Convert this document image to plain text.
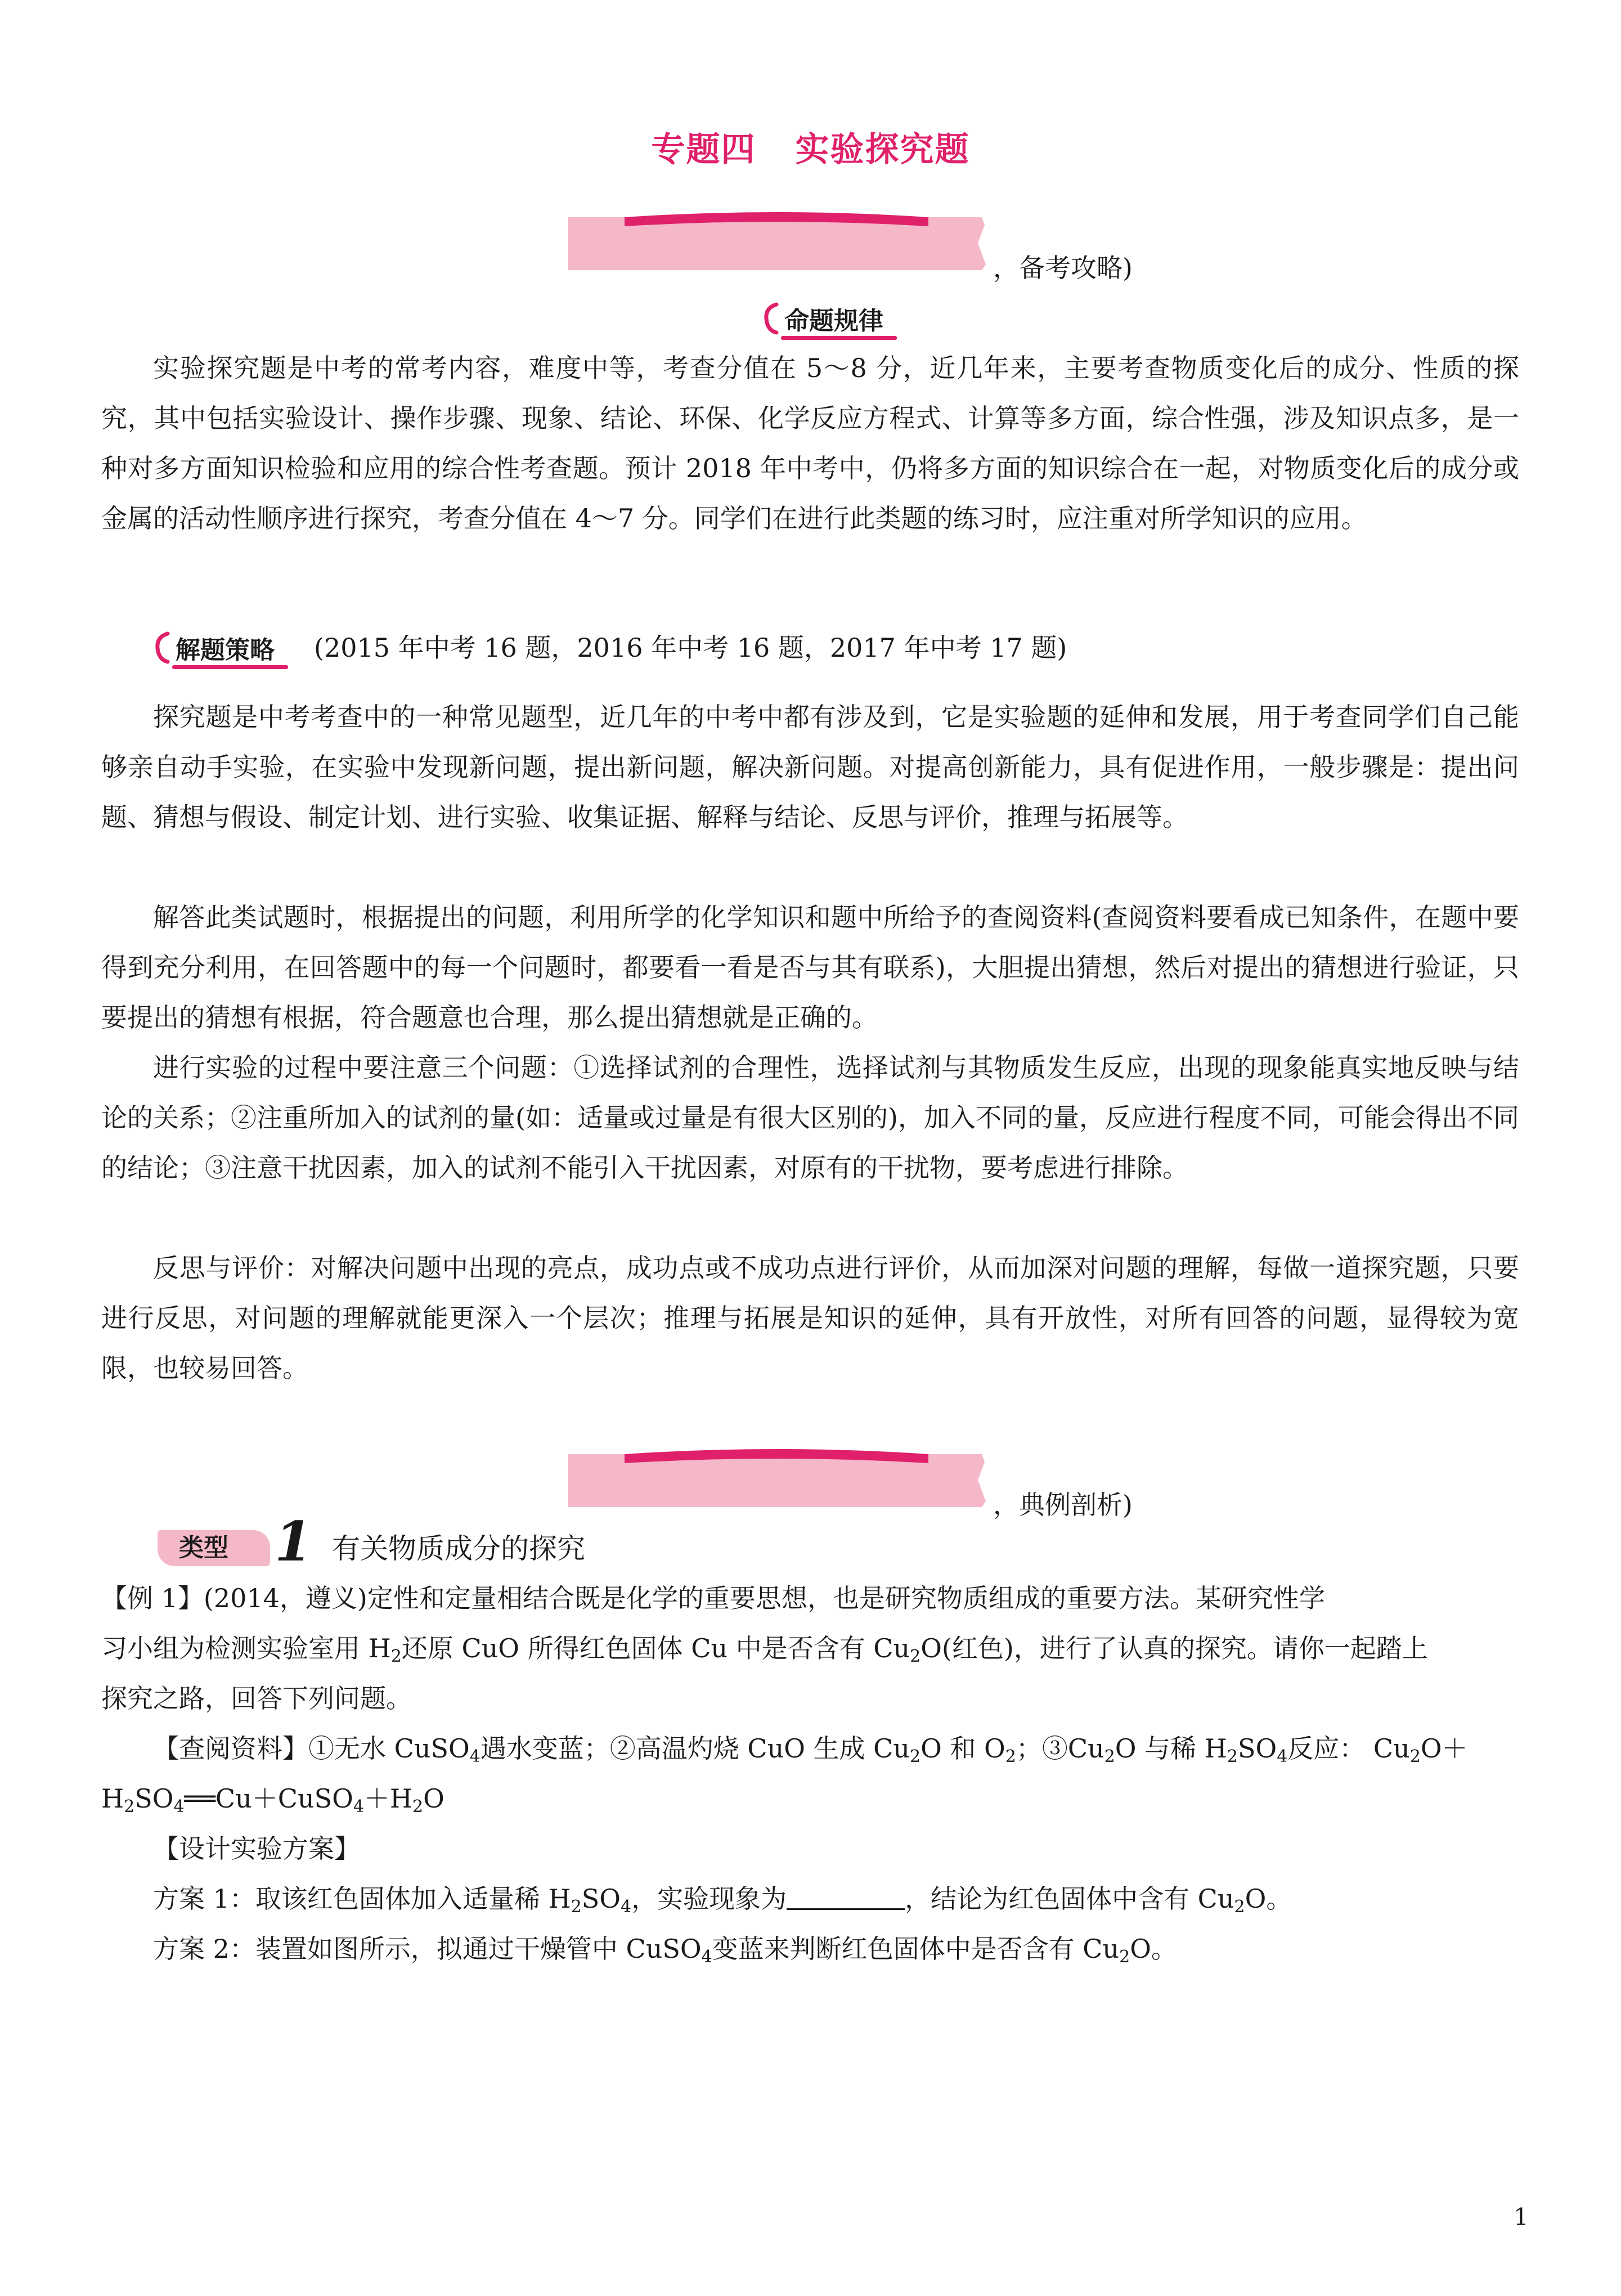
专题四 实验探究题
，备考攻略)
命题规律

实验探究题是中考的常考内容，难度中等，考查分值在 5～8 分，近几年来，主要考查物质变化后的成分、性质的探究，其中包括实验设计、操作步骤、现象、结论、环保、化学反应方程式、计算等多方面，综合性强，涉及知识点多，是一种对多方面知识检验和应用的综合性考查题。预计 2018 年中考中，仍将多方面的知识综合在一起，对物质变化后的成分或金属的活动性顺序进行探究，考查分值在 4～7 分。同学们在进行此类题的练习时，应注重对所学知识的应用。

解题策略 (2015 年中考 16 题，2016 年中考 16 题，2017 年中考 17 题)

探究题是中考考查中的一种常见题型，近几年的中考中都有涉及到，它是实验题的延伸和发展，用于考查同学们自己能够亲自动手实验，在实验中发现新问题，提出新问题，解决新问题。对提高创新能力，具有促进作用，一般步骤是：提出问题、猜想与假设、制定计划、进行实验、收集证据、解释与结论、反思与评价，推理与拓展等。

解答此类试题时，根据提出的问题，利用所学的化学知识和题中所给予的查阅资料(查阅资料要看成已知条件，在题中要得到充分利用，在回答题中的每一个问题时，都要看一看是否与其有联系)，大胆提出猜想，然后对提出的猜想进行验证，只要提出的猜想有根据，符合题意也合理，那么提出猜想就是正确的。

进行实验的过程中要注意三个问题：①选择试剂的合理性，选择试剂与其物质发生反应，出现的现象能真实地反映与结论的关系；②注重所加入的试剂的量(如：适量或过量是有很大区别的)，加入不同的量，反应进行程度不同，可能会得出不同的结论；③注意干扰因素，加入的试剂不能引入干扰因素，对原有的干扰物，要考虑进行排除。

反思与评价：对解决问题中出现的亮点，成功点或不成功点进行评价，从而加深对问题的理解，每做一道探究题，只要进行反思，对问题的理解就能更深入一个层次；推理与拓展是知识的延伸，具有开放性，对所有回答的问题，显得较为宽限，也较易回答。

，典例剖析)
类型 1 有关物质成分的探究
【例 1】(2014，遵义)定性和定量相结合既是化学的重要思想，也是研究物质组成的重要方法。某研究性学
习小组为检测实验室用 $H_2$还原 CuO 所得红色固体 Cu 中是否含有 $Cu_2O$(红色)，进行了认真的探究。请你一起踏上
探究之路，回答下列问题。
【查阅资料】①无水 CuSO$_4$遇水变蓝；②高温灼烧 CuO 生成 $Cu_2O$ 和 $O_2$；$③Cu_2O$ 与稀 $H_2SO_4$反应： $Cu_2O+$
$H_2SO_4══Cu+CuSO_4+H_2O$
【设计实验方案】
方案 1：取该红色固体加入适量稀 $H_2SO_4$，实验现象为	，结论为红色固体中含有 $Cu_2O$。
方案 2：装置如图所示，拟通过干燥管中 CuSO$_4$变蓝来判断红色固体中是否含有 $Cu_2O$。
1
